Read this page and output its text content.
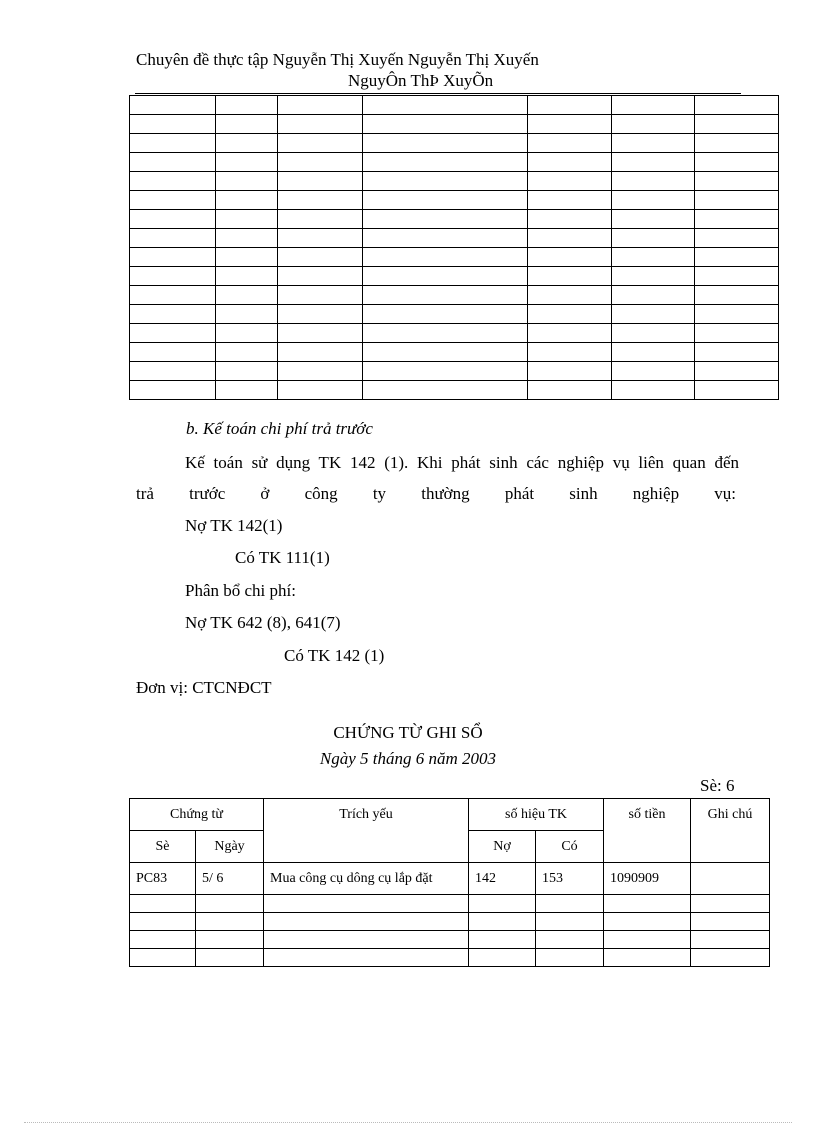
Chuyên đề thực tập Nguyễn Thị Xuyến Nguyễn Thị Xuyến
NguyÔn ThÞ XuyÕn

b. Kế toán chi phí trả trước
Kế toán sử dụng TK 142 (1). Khi phát sinh các nghiệp vụ liên quan đến
trả trước ở công ty thường phát sinh nghiệp vụ:
Nợ TK 142(1)
Có TK 111(1)
Phân bổ chi phí:
Nợ TK 642 (8), 641(7)
Có TK 142 (1)
Đơn vị: CTCNĐCT
CHỨNG TỪ GHI SỔ
Ngày 5 tháng 6 năm 2003
Sè: 6
Chứng từ		Trích yếu	số hiệu TK		số tiền	Ghi chú
Sè	Ngày		Nợ	Có		
PC83	5/ 6	Mua công cụ dông cụ lắp đặt	142	153	1090909	
